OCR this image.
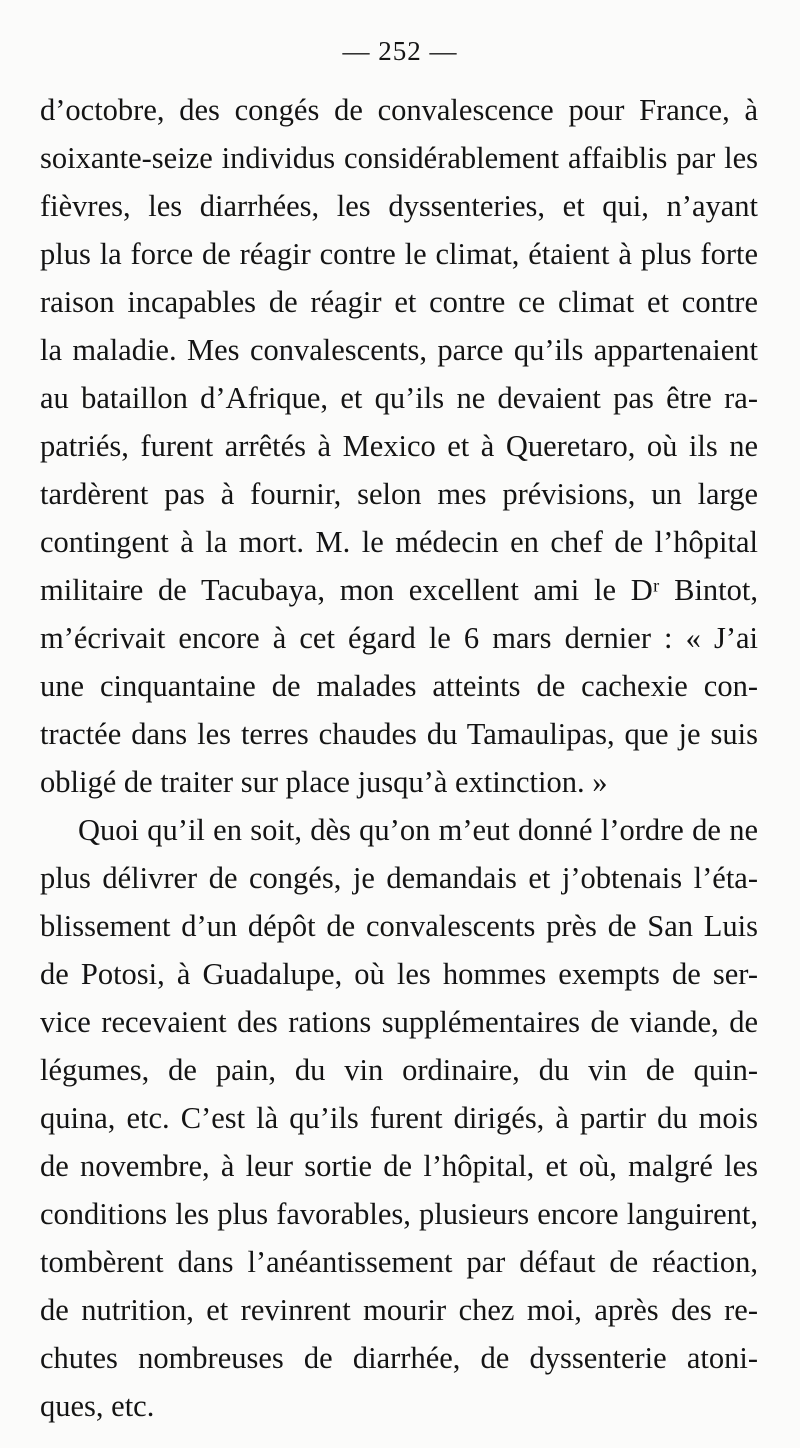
— 252 —
d’octobre, des congés de convalescence pour France, à
soixante-seize individus considérablement affaiblis par les
fièvres, les diarrhées, les dyssenteries, et qui, n’ayant
plus la force de réagir contre le climat, étaient à plus forte
raison incapables de réagir et contre ce climat et contre
la maladie. Mes convalescents, parce qu’ils appartenaient
au bataillon d’Afrique, et qu’ils ne devaient pas être ra-
patriés, furent arrêtés à Mexico et à Queretaro, où ils ne
tardèrent pas à fournir, selon mes prévisions, un large
contingent à la mort. M. le médecin en chef de l’hôpital
militaire de Tacubaya, mon excellent ami le Dʳ Bintot,
m’écrivait encore à cet égard le 6 mars dernier : « J’ai
une cinquantaine de malades atteints de cachexie con-
tractée dans les terres chaudes du Tamaulipas, que je suis
obligé de traiter sur place jusqu’à extinction. »
Quoi qu’il en soit, dès qu’on m’eut donné l’ordre de ne
plus délivrer de congés, je demandais et j’obtenais l’éta-
blissement d’un dépôt de convalescents près de San Luis
de Potosi, à Guadalupe, où les hommes exempts de ser-
vice recevaient des rations supplémentaires de viande, de
légumes, de pain, du vin ordinaire, du vin de quin-
quina, etc. C’est là qu’ils furent dirigés, à partir du mois
de novembre, à leur sortie de l’hôpital, et où, malgré les
conditions les plus favorables, plusieurs encore languirent,
tombèrent dans l’anéantissement par défaut de réaction,
de nutrition, et revinrent mourir chez moi, après des re-
chutes nombreuses de diarrhée, de dyssenterie atoni-
ques, etc.
